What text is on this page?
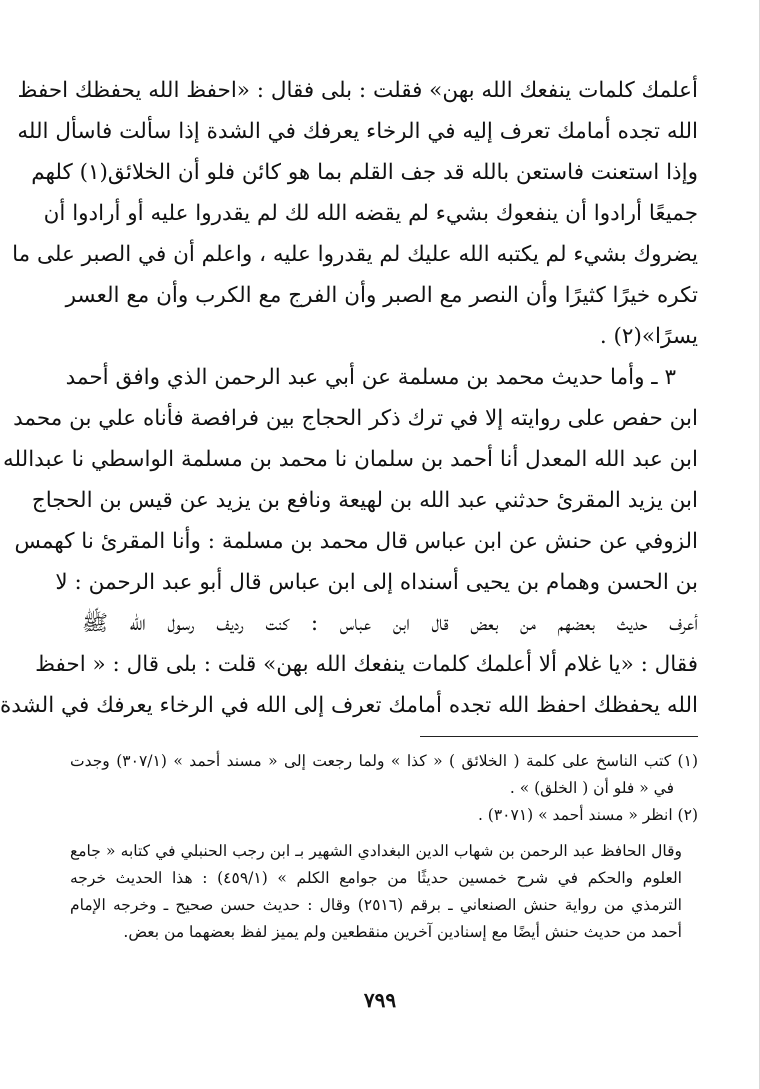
أعلمك كلمات ينفعك الله بهن» فقلت : بلى فقال : «احفظ الله يحفظك احفظ
الله تجده أمامك تعرف إليه في الرخاء يعرفك في الشدة إذا سألت فاسأل الله
وإذا استعنت فاستعن بالله قد جف القلم بما هو كائن فلو أن الخلائق(١) كلهم
جميعًا أرادوا أن ينفعوك بشيء لم يقضه الله لك لم يقدروا عليه أو أرادوا أن
يضروك بشيء لم يكتبه الله عليك لم يقدروا عليه ، واعلم أن في الصبر على ما
تكره خيرًا كثيرًا وأن النصر مع الصبر وأن الفرج مع الكرب وأن مع العسر
يسرًا»(٢) .
٣ ـ وأما حديث محمد بن مسلمة عن أبي عبد الرحمن الذي وافق أحمد
ابن حفص على روايته إلا في ترك ذكر الحجاج بين فرافصة فأناه علي بن محمد
ابن عبد الله المعدل أنا أحمد بن سلمان نا محمد بن مسلمة الواسطي نا عبدالله
ابن يزيد المقرئ حدثني عبد الله بن لهيعة ونافع بن يزيد عن قيس بن الحجاج
الزوفي عن حنش عن ابن عباس قال محمد بن مسلمة : وأنا المقرئ نا كهمس
بن الحسن وهمام بن يحيى أسنداه إلى ابن عباس قال أبو عبد الرحمن : لا
أعرف حديث بعضهم من بعض قال ابن عباس : كنت رديف رسول الله ﷺ
فقال : «يا غلام ألا أعلمك كلمات ينفعك الله بهن» قلت : بلى قال : « احفظ
الله يحفظك احفظ الله تجده أمامك تعرف إلى الله في الرخاء يعرفك في الشدة
(١) كتب الناسخ على كلمة ( الخلائق ) « كذا » ولما رجعت إلى « مسند أحمد » (٣٠٧/١) وجدت
في « فلو أن ( الخلق) » .
(٢) انظر « مسند أحمد » (٣٠٧١) .
وقال الحافظ عبد الرحمن بن شهاب الدين البغدادي الشهير بـ ابن رجب الحنبلي في كتابه « جامع
العلوم والحكم في شرح خمسين حديثًا من جوامع الكلم » (٤٥٩/١) : هذا الحديث خرجه
الترمذي من رواية حنش الصنعاني ـ برقم (٢٥١٦) وقال : حديث حسن صحيح ـ وخرجه الإمام
أحمد من حديث حنش أيضًا مع إسنادين آخرين منقطعين ولم يميز لفظ بعضهما من بعض.
٧٩٩
